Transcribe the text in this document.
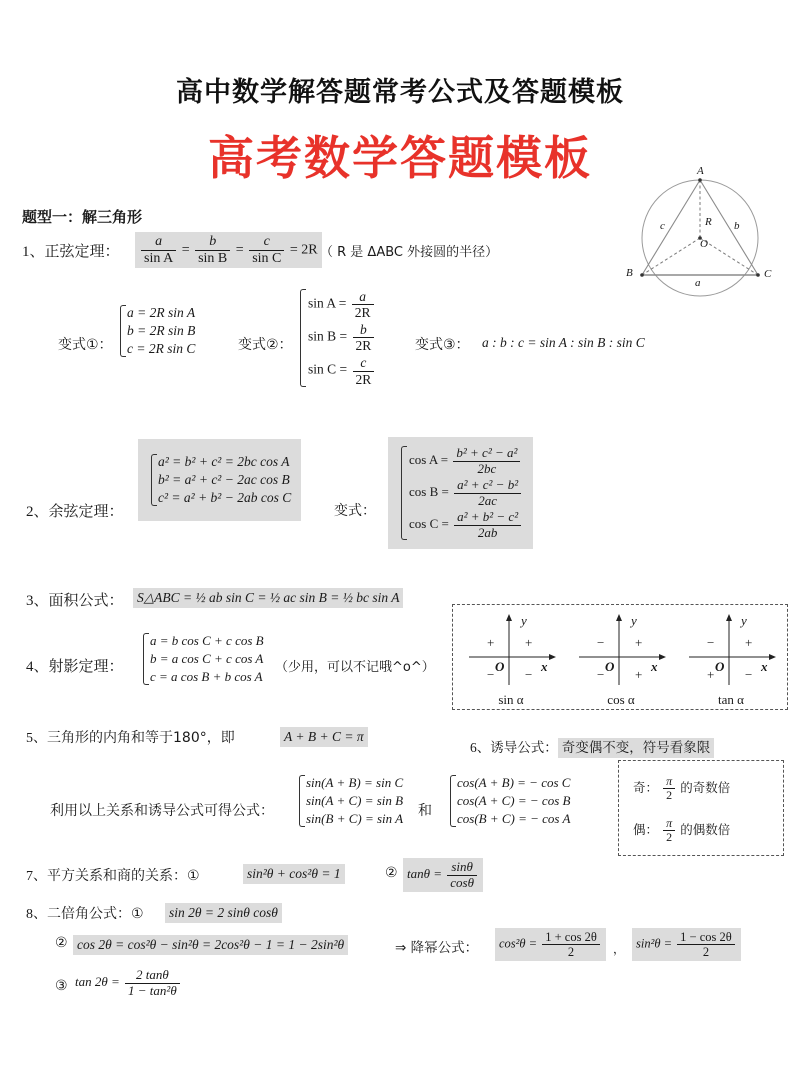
高中数学解答题常考公式及答题模板
高考数学答题模板	A
B	C
O
R
a
b
c
题型一：解三角形
1、正弦定理： $\frac{a}{\text{sin A}} = \frac{b}{\text{sin B}} = \frac{c}{\text{sin C}} = 2R$ （ R 是 ΔABC 外接圆的半径）
变式①：
a = 2R sin A
b = 2R sin B
c = 2R sin C	变式②：
$\sin A = \frac{a}{2R}$
$\sin B = \frac{b}{2R}$
$\sin C = \frac{c}{2R}$
变式③： a : b : c = sin A : sin B : sin C
2、余弦定理：
a² = b² + c² = 2bc cos A
b² = a² + c² − 2ac cos B
c² = a² + b² − 2ab cos C
变式：
$\cos A = \frac{\text{b² + c² − a²}}{2bc}$
$\cos B = \frac{\text{a² + c² − b²}}{2ac}$
$\cos C = \frac{\text{a² + b² − c²}}{2ab}$
3、面积公式： S△ABC = ½ ab sin C = ½ ac sin B = ½ bc sin A
4、射影定理：
a = b cos C + c cos B
b = a cos C + c cos A
c = a cos B + b cos A
（少用，可以不记哦^o^）
y
x
O
+
+
− −
sin α
y
x
O
+
−
− +
cos α
y
x
O
+
−
+ −
tan α
5、三角形的内角和等于180°，即	A + B + C = π
6、诱导公式： 奇变偶不变，符号看象限
奇： $\frac{\pi}{2}$ 的奇数倍
偶： $\frac{\pi}{2}$ 的偶数倍
利用以上关系和诱导公式可得公式：
sin(A + B) = sin C
sin(A + C) = sin B
sin(B + C) = sin A 和
cos(A + B) = − cos C
cos(A + C) = − cos B
cos(B + C) = − cos A
7、平方关系和商的关系：①	sin²θ + cos²θ = 1	② $\tan\theta = \frac{\sin\theta}{\cos\theta}$
8、二倍角公式：① sin 2θ = 2 sinθ cosθ
② cos 2θ = cos²θ − sin²θ = 2cos²θ − 1 = 1 − 2sin²θ	⇒ 降幂公式：	$\cos^2\theta = \frac{1 + \cos 2\theta}{2}$ ， $\sin^2\theta = \frac{1 - \cos 2\theta}{2}$
③ $\tan 2\theta = \frac{2 \tan\theta}{\text{1 − tan²θ}}$
